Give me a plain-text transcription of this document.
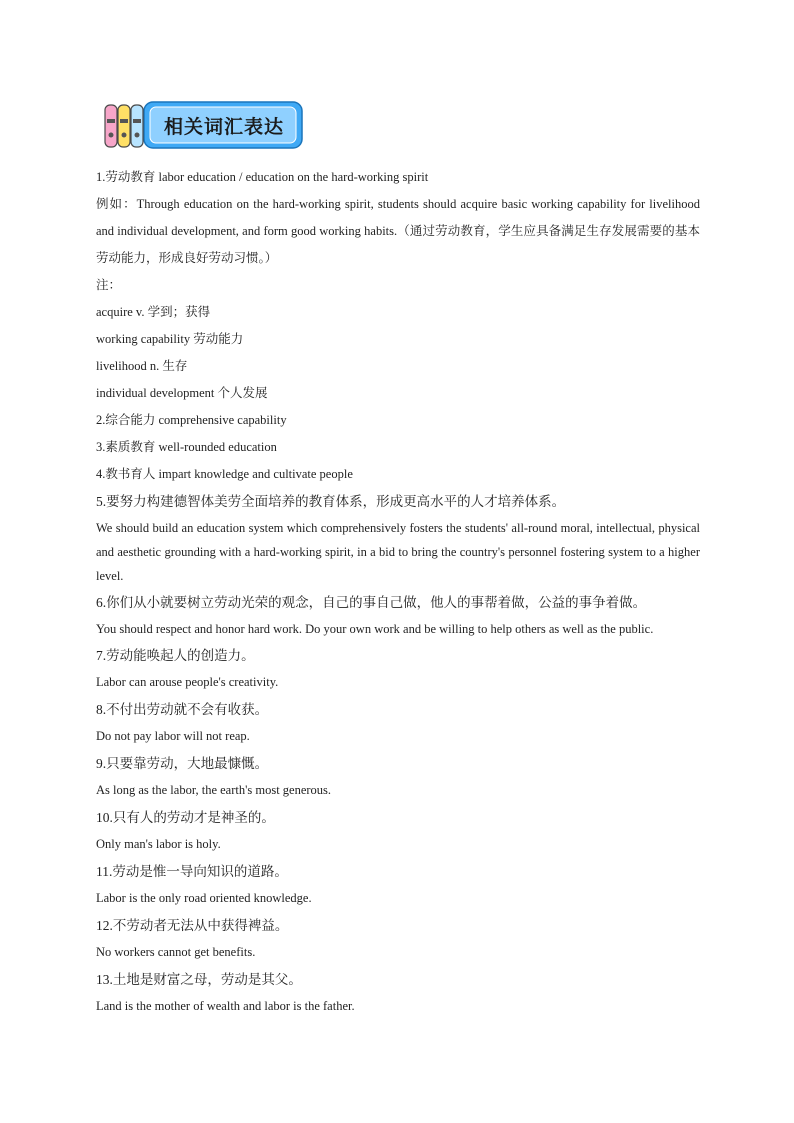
相关词汇表达
1.劳动教育 labor education / education on the hard-working spirit
例如：Through education on the hard-working spirit, students should acquire basic working capability for livelihood and individual development, and form good working habits.（通过劳动教育，学生应具备满足生存发展需要的基本劳动能力，形成良好劳动习惯。）
注：
acquire v. 学到；获得
working capability 劳动能力
livelihood n. 生存
individual development 个人发展
2.综合能力 comprehensive capability
3.素质教育 well-rounded education
4.教书育人 impart knowledge and cultivate people
5.要努力构建德智体美劳全面培养的教育体系，形成更高水平的人才培养体系。
We should build an education system which comprehensively fosters the students' all-round moral, intellectual, physical and aesthetic grounding with a hard-working spirit, in a bid to bring the country's personnel fostering system to a higher level.
6.你们从小就要树立劳动光荣的观念，自己的事自己做，他人的事帮着做，公益的事争着做。
You should respect and honor hard work. Do your own work and be willing to help others as well as the public.
7.劳动能唤起人的创造力。
Labor can arouse people's creativity.
8.不付出劳动就不会有收获。
Do not pay labor will not reap.
9.只要靠劳动，大地最慷慨。
As long as the labor, the earth's most generous.
10.只有人的劳动才是神圣的。
Only man's labor is holy.
11.劳动是惟一导向知识的道路。
Labor is the only road oriented knowledge.
12.不劳动者无法从中获得裨益。
No workers cannot get benefits.
13.土地是财富之母，劳动是其父。
Land is the mother of wealth and labor is the father.
